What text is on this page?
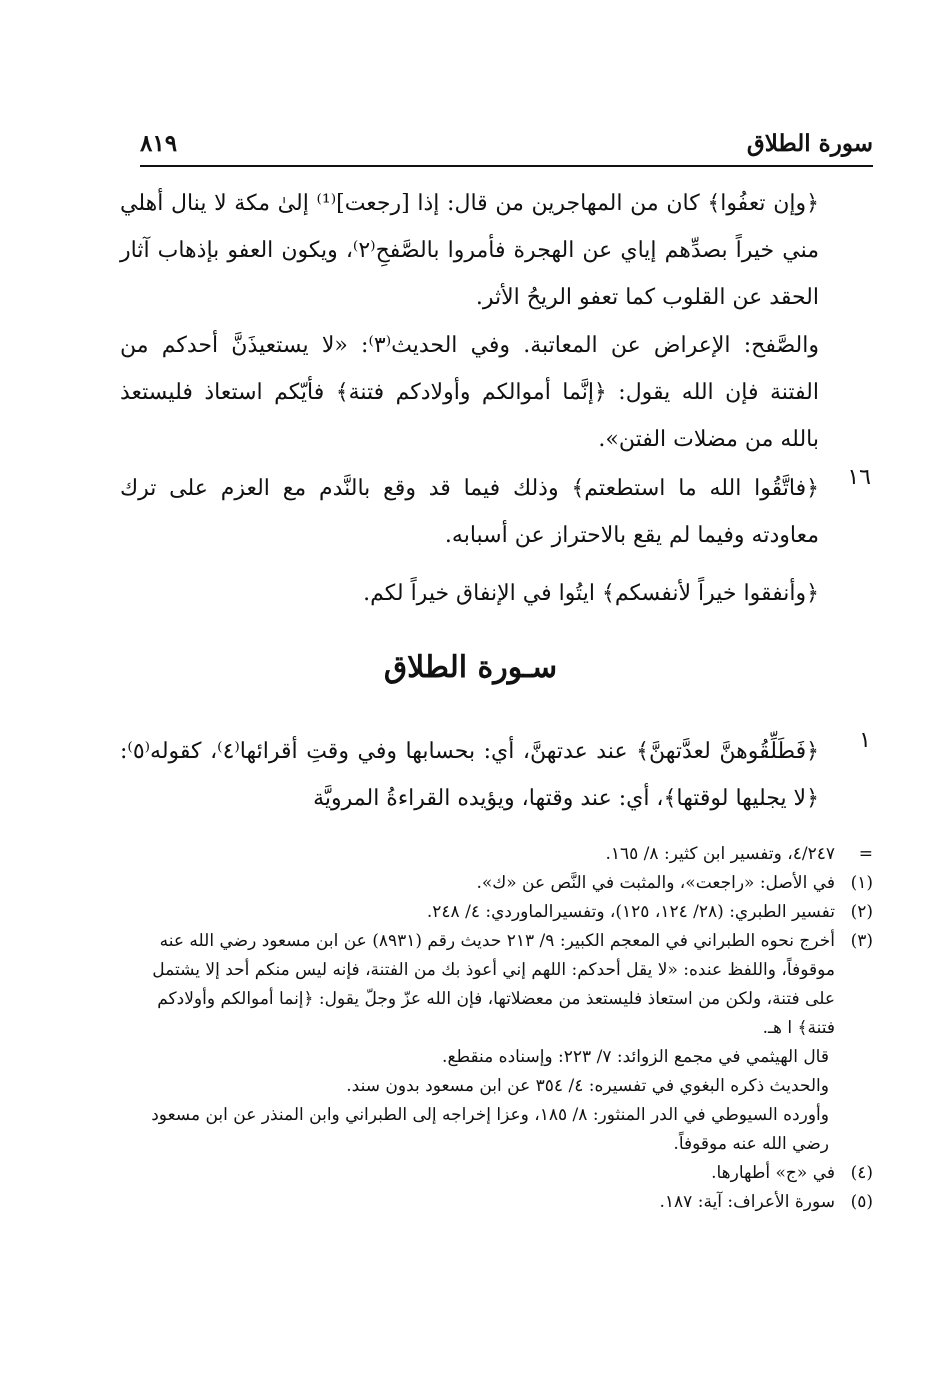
سورة الطلاق
٨١٩

﴿وإن تعفُوا﴾ كان من المهاجرين من قال: إذا [رجعت]⁽¹⁾ إلىٰ مكة لا ينال أهلي مني خيراً بصدِّهم إياي عن الهجرة فأمروا بالصَّفحِ⁽٢⁾، ويكون العفو بإذهاب آثار الحقد عن القلوب كما تعفو الريحُ الأثر.

والصَّفح: الإعراض عن المعاتبة. وفي الحديث⁽٣⁾: «لا يستعيذَنَّ أحدكم من الفتنة فإن الله يقول: ﴿إنَّما أموالكم وأولادكم فتنة﴾ فأيّكم استعاذ فليستعذ بالله من مضلات الفتن».

١٦

﴿فاتَّقُوا الله ما استطعتم﴾ وذلك فيما قد وقع بالنَّدم مع العزم على ترك معاودته وفيما لم يقع بالاحتراز عن أسبابه.

﴿وأنفقوا خيراً لأنفسكم﴾ ايتُوا في الإنفاق خيراً لكم.

سـورة الطلاق
١

﴿فَطَلِّقُوهنَّ لعدَّتهنَّ﴾ عند عدتهنَّ، أي: بحسابها وفي وقتِ أقرائها⁽٤⁾، كقوله⁽٥⁾: ﴿لا يجليها لوقتها﴾، أي: عند وقتها، ويؤيده القراءةُ المرويَّة

=
٤/٢٤٧، وتفسير ابن كثير: ٨/ ١٦٥.

(١)
في الأصل: «راجعت»، والمثبت في النَّص عن «ك».

(٢)
تفسير الطبري: (٢٨/ ١٢٤، ١٢٥)، وتفسيرالماوردي: ٤/ ٢٤٨.

(٣)
أخرج نحوه الطبراني في المعجم الكبير: ٩/ ٢١٣ حديث رقم (٨٩٣١) عن ابن مسعود رضي الله عنه موقوفاً، واللفظ عنده: «لا يقل أحدكم: اللهم إني أعوذ بك من الفتنة، فإنه ليس منكم أحد إلا يشتمل على فتنة، ولكن من استعاذ فليستعذ من معضلاتها، فإن الله عزّ وجلّ يقول: ﴿إنما أموالكم وأولادكم فتنة﴾ ا هـ.

قال الهيثمي في مجمع الزوائد: ٧/ ٢٢٣: وإسناده منقطع.

والحديث ذكره البغوي في تفسيره: ٤/ ٣٥٤ عن ابن مسعود بدون سند.

وأورده السيوطي في الدر المنثور: ٨/ ١٨٥، وعزا إخراجه إلى الطبراني وابن المنذر عن ابن مسعود رضي الله عنه موقوفاً.

(٤)
في «ج» أطهارها.

(٥)
سورة الأعراف: آية: ١٨٧.
